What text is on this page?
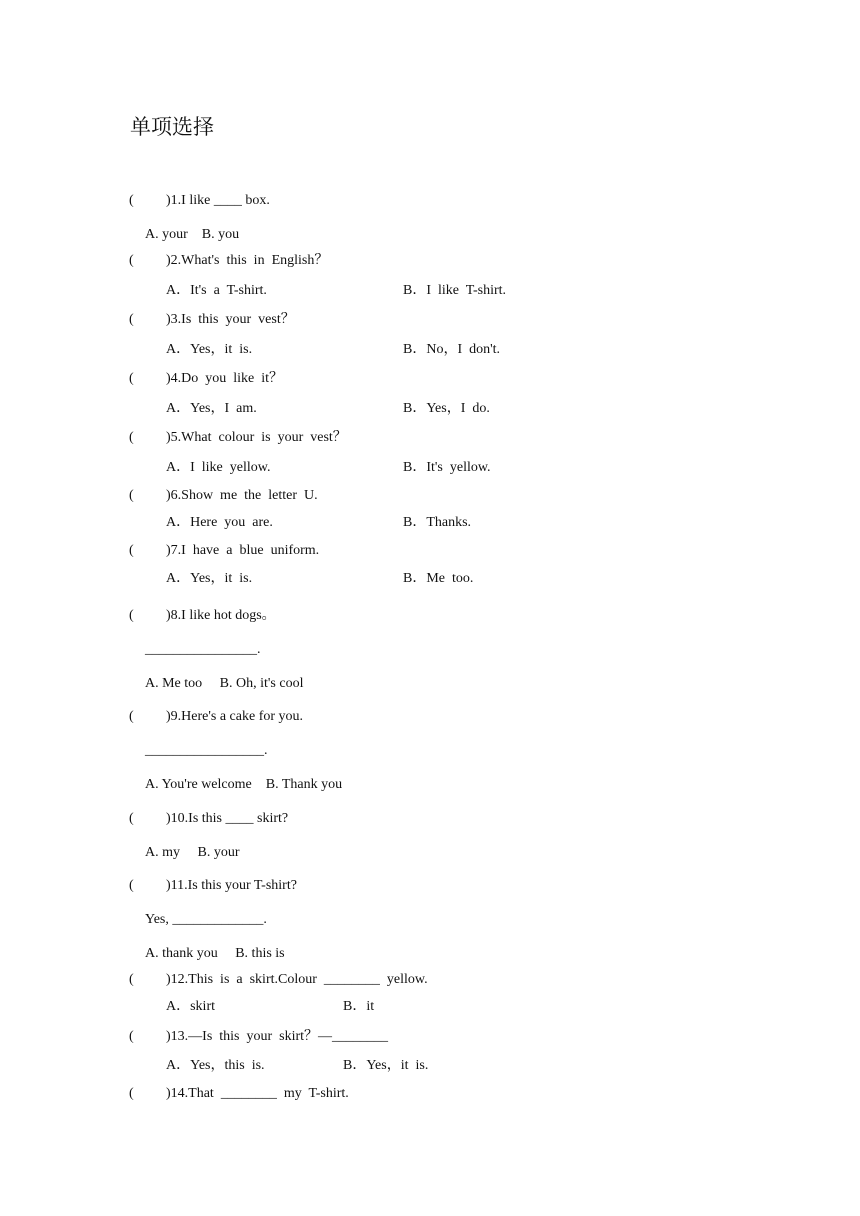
单项选择
( )1.I like ____ box.
A. your    B. you
( )2.What's  this  in  English？
A．It's  a  T-shirt.	B．I  like  T-shirt.
( )3.Is  this  your  vest？
A．Yes，it  is.	B．No，I  don't.
( )4.Do  you  like  it？
A．Yes，I  am.	B．Yes，I  do.
( )5.What  colour  is  your  vest？
A．I  like  yellow.	B．It's  yellow.
( )6.Show  me  the  letter  U.
A．Here  you  are.	B．Thanks.
( )7.I  have  a  blue  uniform.
A．Yes，it  is.	B．Me  too.
( )8.I like hot dogs。
________________.
A. Me too     B. Oh, it's cool
( )9.Here's a cake for you.
_________________.
A. You're welcome    B. Thank you
( )10.Is this ____ skirt?
A. my     B. your
( )11.Is this your T-shirt?
Yes, _____________.
A. thank you     B. this is
( )12.This  is  a  skirt.Colour  ________  yellow.
A．skirt	B．it
( )13.—Is  this  your  skirt？—________
A．Yes，this  is.	B．Yes，it  is.
( )14.That  ________  my  T-shirt.
